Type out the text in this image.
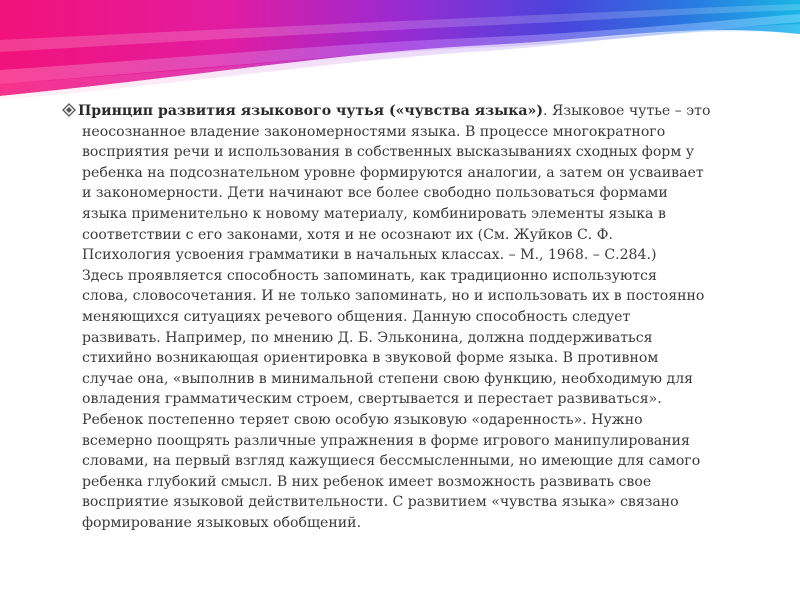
Принцип развития языкового чутья («чувства языка»). Языковое чутье – это
неосознанное владение закономерностями языка. В процессе многократного
восприятия речи и использования в собственных высказываниях сходных форм у
ребенка на подсознательном уровне формируются аналогии, а затем он усваивает
и закономерности. Дети начинают все более свободно пользоваться формами
языка применительно к новому материалу, комбинировать элементы языка в
соответствии с его законами, хотя и не осознают их (См. Жуйков С. Ф.
Психология усвоения грамматики в начальных классах. – М., 1968. – С.284.)
Здесь проявляется способность запоминать, как традиционно используются
слова, словосочетания. И не только запоминать, но и использовать их в постоянно
меняющихся ситуациях речевого общения. Данную способность следует
развивать. Например, по мнению Д. Б. Эльконина, должна поддерживаться
стихийно возникающая ориентировка в звуковой форме языка. В противном
случае она, «выполнив в минимальной степени свою функцию, необходимую для
овладения грамматическим строем, свертывается и перестает развиваться».
Ребенок постепенно теряет свою особую языковую «одаренность». Нужно
всемерно поощрять различные упражнения в форме игрового манипулирования
словами, на первый взгляд кажущиеся бессмысленными, но имеющие для самого
ребенка глубокий смысл. В них ребенок имеет возможность развивать свое
восприятие языковой действительности. С развитием «чувства языка» связано
формирование языковых обобщений.
